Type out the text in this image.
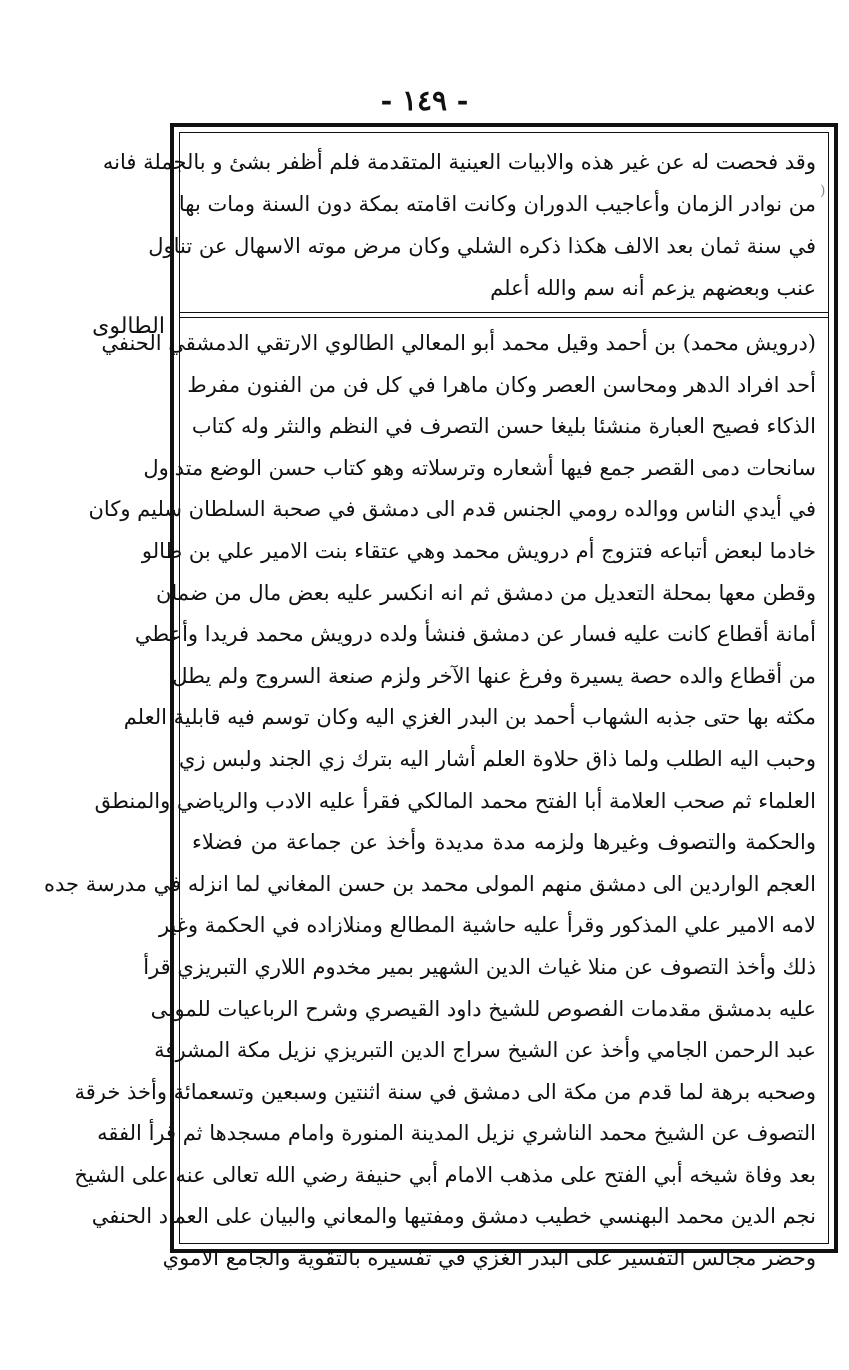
- ١٤٩ -
الطالوى
)
وقد فحصت له عن غير هذه والابيات العينية المتقدمة فلم أظفر بشئ و بالجملة فانه
من نوادر الزمان وأعاجيب الدوران وكانت اقامته بمكة دون السنة ومات بها
في سنة ثمان بعد الالف هكذا ذكره الشلي وكان مرض موته الاسهال عن تناول
عنب وبعضهم يزعم أنه سم والله أعلم
(درويش محمد) بن أحمد وقيل محمد أبو المعالي الطالوي الارتقي الدمشقي الحنفي
أحد افراد الدهر ومحاسن العصر وكان ماهرا في كل فن من الفنون مفرط
الذكاء فصيح العبارة منشئا بليغا حسن التصرف في النظم والنثر وله كتاب
سانحات دمى القصر جمع فيها أشعاره وترسلاته وهو كتاب حسن الوضع متداول
في أيدي الناس ووالده رومي الجنس قدم الى دمشق في صحبة السلطان سليم وكان
خادما لبعض أتباعه فتزوج أم درويش محمد وهي عتقاء بنت الامير علي بن طالو
وقطن معها بمحلة التعديل من دمشق ثم انه انكسر عليه بعض مال من ضمان
أمانة أقطاع كانت عليه فسار عن دمشق فنشأ ولده درويش محمد فريدا وأعطي
من أقطاع والده حصة يسيرة وفرغ عنها الآخر ولزم صنعة السروج ولم يطل
مكثه بها حتى جذبه الشهاب أحمد بن البدر الغزي اليه وكان توسم فيه قابلية العلم
وحبب اليه الطلب ولما ذاق حلاوة العلم أشار اليه بترك زي الجند ولبس زي
العلماء ثم صحب العلامة أبا الفتح محمد المالكي فقرأ عليه الادب والرياضي والمنطق
والحكمة والتصوف وغيرها ولزمه مدة مديدة وأخذ عن جماعة من فضلاء
العجم الواردين الى دمشق منهم المولى محمد بن حسن المغاني لما انزله في مدرسة جده
لامه الامير علي المذكور وقرأ عليه حاشية المطالع ومنلازاده في الحكمة وغير
ذلك وأخذ التصوف عن منلا غياث الدين الشهير بمير مخدوم اللاري التبريزي قرأ
عليه بدمشق مقدمات الفصوص للشيخ داود القيصري وشرح الرباعيات للمولى
عبد الرحمن الجامي وأخذ عن الشيخ سراج الدين التبريزي نزيل مكة المشرفة
وصحبه برهة لما قدم من مكة الى دمشق في سنة اثنتين وسبعين وتسعمائة وأخذ خرقة
التصوف عن الشيخ محمد الناشري نزيل المدينة المنورة وامام مسجدها ثم قرأ الفقه
بعد وفاة شيخه أبي الفتح على مذهب الامام أبي حنيفة رضي الله تعالى عنه على الشيخ
نجم الدين محمد البهنسي خطيب دمشق ومفتيها والمعاني والبيان على العماد الحنفي
وحضر مجالس التفسير على البدر الغزي في تفسيره بالتقوية والجامع الاموي
